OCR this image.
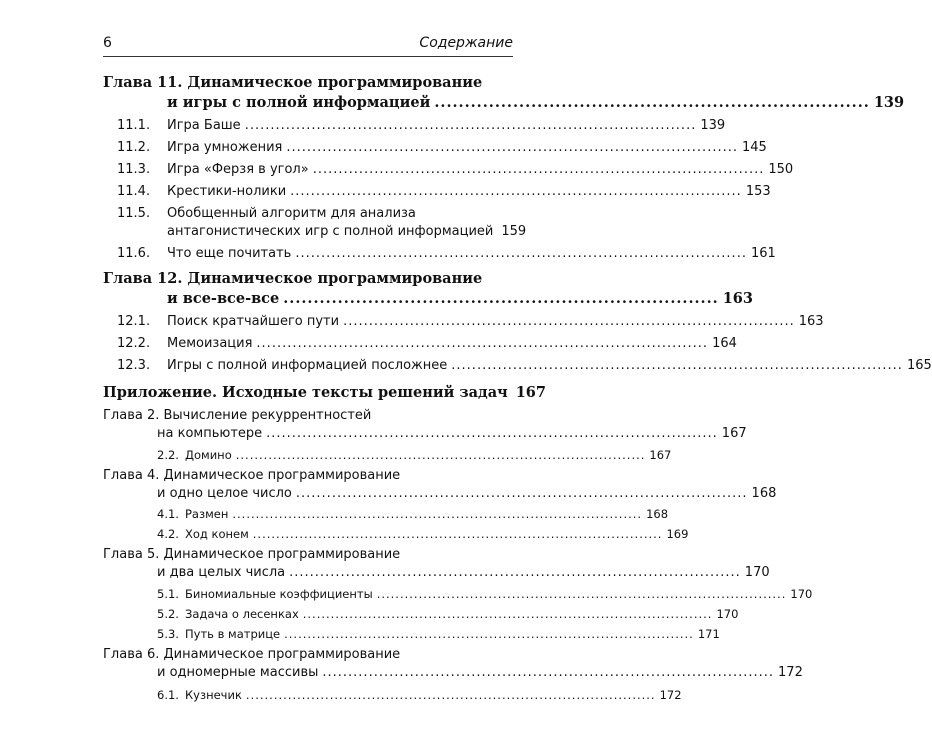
6	Содержание
Глава 11. Динамическое программирование
и игры с полной информацией ........................................................................ 139
11.1.	Игра Баше ........................................................................................ 139
11.2.	Игра умножения ........................................................................................ 145
11.3.	Игра «Ферзя в угол» ........................................................................................ 150
11.4.	Крестики-нолики ........................................................................................ 153
11.5.	Обобщенный алгоритм для анализа
антагонистических игр с полной информацией 159
11.6.	Что еще почитать ........................................................................................ 161
Глава 12. Динамическое программирование
и все-все-все ........................................................................ 163
12.1.	Поиск кратчайшего пути ........................................................................................ 163
12.2.	Мемоизация ........................................................................................ 164
12.3.	Игры с полной информацией посложнее ........................................................................................ 165
Приложение. Исходные тексты решений задач 167
Глава 2. Вычисление рекуррентностей
на компьютере ........................................................................................ 167
2.2. Домино ........................................................................................ 167
Глава 4. Динамическое программирование
и одно целое число ........................................................................................ 168
4.1. Размен ........................................................................................ 168
4.2. Ход конем ........................................................................................ 169
Глава 5. Динамическое программирование
и два целых числа ........................................................................................ 170
5.1. Биномиальные коэффициенты ........................................................................................ 170
5.2. Задача о лесенках ........................................................................................ 170
5.3. Путь в матрице ........................................................................................ 171
Глава 6. Динамическое программирование
и одномерные массивы ........................................................................................ 172
6.1. Кузнечик ........................................................................................ 172
